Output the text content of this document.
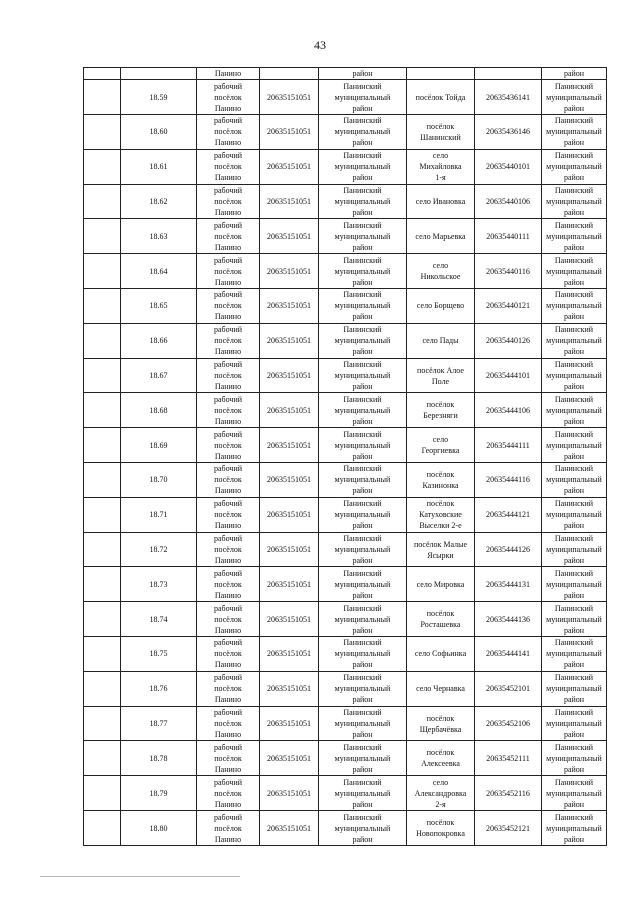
43
		Панино		район			район
	18.59	рабочий
посёлок
Панино	20635151051	Панинский
муниципальный
район	посёлок Тойда	20635436141	Панинский
муниципальный
район
	18.60	рабочий
посёлок
Панино	20635151051	Панинский
муниципальный
район	посёлок
Шанинский	20635436146	Панинский
муниципальный
район
	18.61	рабочий
посёлок
Панино	20635151051	Панинский
муниципальный
район	село
Михайловка
1-я	20635440101	Панинский
муниципальный
район
	18.62	рабочий
посёлок
Панино	20635151051	Панинский
муниципальный
район	село Ивановка	20635440106	Панинский
муниципальный
район
	18.63	рабочий
посёлок
Панино	20635151051	Панинский
муниципальный
район	село Марьевка	20635440111	Панинский
муниципальный
район
	18.64	рабочий
посёлок
Панино	20635151051	Панинский
муниципальный
район	село
Никольское	20635440116	Панинский
муниципальный
район
	18.65	рабочий
посёлок
Панино	20635151051	Панинский
муниципальный
район	село Борщево	20635440121	Панинский
муниципальный
район
	18.66	рабочий
посёлок
Панино	20635151051	Панинский
муниципальный
район	село Пады	20635440126	Панинский
муниципальный
район
	18.67	рабочий
посёлок
Панино	20635151051	Панинский
муниципальный
район	посёлок Алое
Поле	20635444101	Панинский
муниципальный
район
	18.68	рабочий
посёлок
Панино	20635151051	Панинский
муниципальный
район	посёлок
Березняги	20635444106	Панинский
муниципальный
район
	18.69	рабочий
посёлок
Панино	20635151051	Панинский
муниципальный
район	село
Георгиевка	20635444111	Панинский
муниципальный
район
	18.70	рабочий
посёлок
Панино	20635151051	Панинский
муниципальный
район	посёлок
Казинонка	20635444116	Панинский
муниципальный
район
	18.71	рабочий
посёлок
Панино	20635151051	Панинский
муниципальный
район	посёлок
Катуховские
Выселки 2-е	20635444121	Панинский
муниципальный
район
	18.72	рабочий
посёлок
Панино	20635151051	Панинский
муниципальный
район	посёлок Малые
Ясырки	20635444126	Панинский
муниципальный
район
	18.73	рабочий
посёлок
Панино	20635151051	Панинский
муниципальный
район	село Мировка	20635444131	Панинский
муниципальный
район
	18.74	рабочий
посёлок
Панино	20635151051	Панинский
муниципальный
район	посёлок
Росташевка	20635444136	Панинский
муниципальный
район
	18.75	рабочий
посёлок
Панино	20635151051	Панинский
муниципальный
район	село Софьинка	20635444141	Панинский
муниципальный
район
	18.76	рабочий
посёлок
Панино	20635151051	Панинский
муниципальный
район	село Чернавка	20635452101	Панинский
муниципальный
район
	18.77	рабочий
посёлок
Панино	20635151051	Панинский
муниципальный
район	посёлок
Щербачёвка	20635452106	Панинский
муниципальный
район
	18.78	рабочий
посёлок
Панино	20635151051	Панинский
муниципальный
район	посёлок
Алексеевка	20635452111	Панинский
муниципальный
район
	18.79	рабочий
посёлок
Панино	20635151051	Панинский
муниципальный
район	село
Александровка
2-я	20635452116	Панинский
муниципальный
район
	18.80	рабочий
посёлок
Панино	20635151051	Панинский
муниципальный
район	посёлок
Новопокровка	20635452121	Панинский
муниципальный
район
